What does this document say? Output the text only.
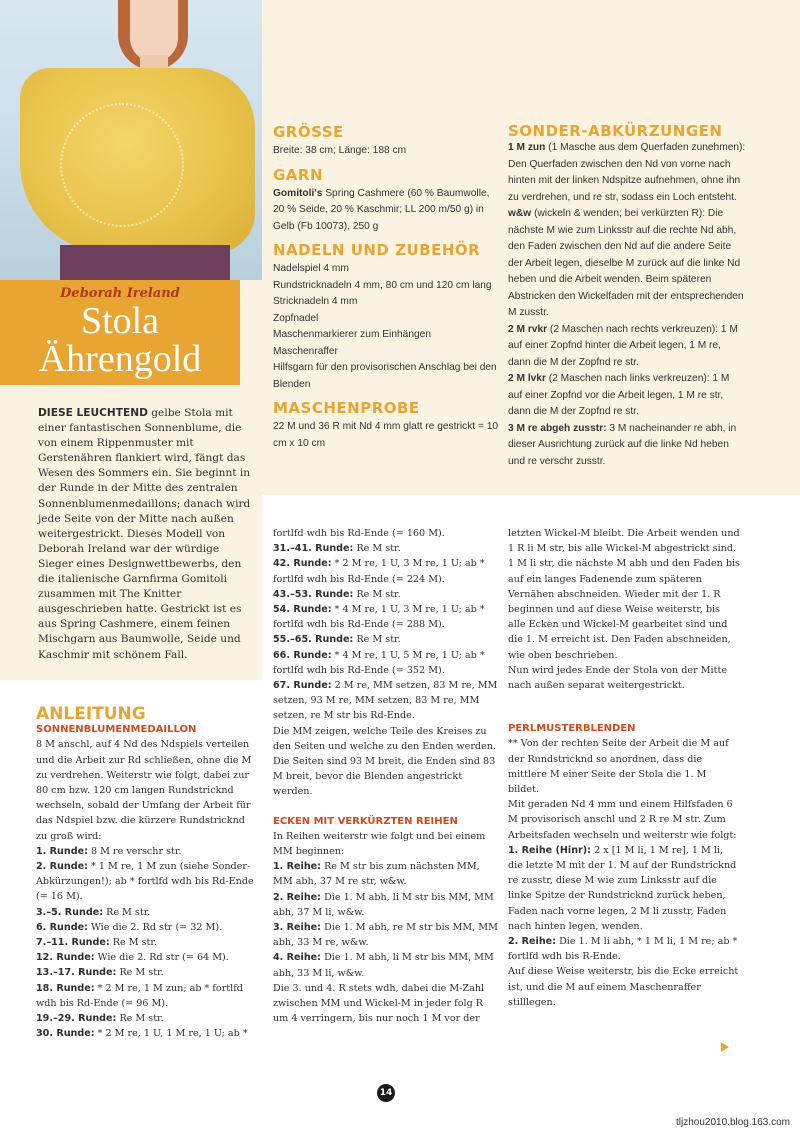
Deborah Ireland
Stola
Ährengold

DIESE LEUCHTEND gelbe Stola mit einer fantastischen Sonnenblume, die von einem Rippenmuster mit Gerstenähren flankiert wird, fängt das Wesen des Sommers ein. Sie beginnt in der Runde in der Mitte des zentralen Sonnenblumenmedaillons; danach wird jede Seite von der Mitte nach außen weitergestrickt. Dieses Modell von Deborah Ireland war der würdige Sieger eines Designwettbewerbs, den die italienische Garnfirma Gomitoli zusammen mit The Knitter ausgeschrieben hatte. Gestrickt ist es aus Spring Cashmere, einem feinen Mischgarn aus Baumwolle, Seide und Kaschmir mit schönem Fall.

GRÖSSE

Breite: 38 cm; Länge: 188 cm

GARN

Gomitoli's Spring Cashmere (60 % Baumwolle, 20 % Seide, 20 % Kaschmir; LL 200 m/50 g) in Gelb (Fb 10073), 250 g

NADELN UND ZUBEHÖR

Nadelspiel 4 mm

Rundstricknadeln 4 mm, 80 cm und 120 cm lang

Stricknadeln 4 mm

Zopfnadel

Maschenmarkierer zum Einhängen

Maschenraffer

Hilfsgarn für den provisorischen Anschlag bei den Blenden

MASCHENPROBE

22 M und 36 R mit Nd 4 mm glatt re gestrickt = 10 cm x 10 cm

SONDER-ABKÜRZUNGEN

1 M zun (1 Masche aus dem Querfaden zunehmen): Den Querfaden zwischen den Nd von vorne nach hinten mit der linken Ndspitze aufnehmen, ohne ihn zu verdrehen, und re str, sodass ein Loch entsteht.

w&w (wickeln & wenden; bei verkürzten R): Die nächste M wie zum Linksstr auf die rechte Nd abh, den Faden zwischen den Nd auf die andere Seite der Arbeit legen, dieselbe M zurück auf die linke Nd heben und die Arbeit wenden. Beim späteren Abstricken den Wickelfaden mit der entsprechenden M zusstr.

2 M rvkr (2 Maschen nach rechts verkreuzen): 1 M auf einer Zopfnd hinter die Arbeit legen, 1 M re, dann die M der Zopfnd re str.

2 M lvkr (2 Maschen nach links verkreuzen): 1 M auf einer Zopfnd vor die Arbeit legen, 1 M re str, dann die M der Zopfnd re str.

3 M re abgeh zusstr: 3 M nacheinander re abh, in dieser Ausrichtung zurück auf die linke Nd heben und re verschr zusstr.

ANLEITUNG

SONNENBLUMENMEDAILLON

8 M anschl, auf 4 Nd des Ndspiels verteilen und die Arbeit zur Rd schließen, ohne die M zu verdrehen. Weiterstr wie folgt, dabei zur 80 cm bzw. 120 cm langen Rundstricknd wechseln, sobald der Umfang der Arbeit für das Ndspiel bzw. die kürzere Rundstricknd zu groß wird:

1. Runde: 8 M re verschr str.

2. Runde: * 1 M re, 1 M zun (siehe Sonder-Abkürzungen!); ab * fortlfd wdh bis Rd-Ende (= 16 M).

3.–5. Runde: Re M str.

6. Runde: Wie die 2. Rd str (= 32 M).

7.–11. Runde: Re M str.

12. Runde: Wie die 2. Rd str (= 64 M).

13.–17. Runde: Re M str.

18. Runde: * 2 M re, 1 M zun; ab * fortlfd wdh bis Rd-Ende (= 96 M).

19.–29. Runde: Re M str.

30. Runde: * 2 M re, 1 U, 1 M re, 1 U; ab *

fortlfd wdh bis Rd-Ende (= 160 M).

31.–41. Runde: Re M str.

42. Runde: * 2 M re, 1 U, 3 M re, 1 U; ab * fortlfd wdh bis Rd-Ende (= 224 M).

43.–53. Runde: Re M str.

54. Runde: * 4 M re, 1 U, 3 M re, 1 U; ab * fortlfd wdh bis Rd-Ende (= 288 M).

55.–65. Runde: Re M str.

66. Runde: * 4 M re, 1 U, 5 M re, 1 U; ab * fortlfd wdh bis Rd-Ende (= 352 M).

67. Runde: 2 M re, MM setzen, 83 M re, MM setzen, 93 M re, MM setzen, 83 M re, MM setzen, re M str bis Rd-Ende.

Die MM zeigen, welche Teile des Kreises zu den Seiten und welche zu den Enden werden. Die Seiten sind 93 M breit, die Enden sind 83 M breit, bevor die Blenden angestrickt werden.

ECKEN MIT VERKÜRZTEN REIHEN

In Reihen weiterstr wie folgt und bei einem MM beginnen:

1. Reihe: Re M str bis zum nächsten MM, MM abh, 37 M re str, w&w.

2. Reihe: Die 1. M abh, li M str bis MM, MM abh, 37 M li, w&w.

3. Reihe: Die 1. M abh, re M str bis MM, MM abh, 33 M re, w&w.

4. Reihe: Die 1. M abh, li M str bis MM, MM abh, 33 M li, w&w.

Die 3. und 4. R stets wdh, dabei die M-Zahl zwischen MM und Wickel-M in jeder folg R um 4 verringern, bis nur noch 1 M vor der

letzten Wickel-M bleibt. Die Arbeit wenden und 1 R li M str, bis alle Wickel-M abgestrickt sind. 1 M li str, die nächste M abh und den Faden bis auf ein langes Fadenende zum späteren Vernähen abschneiden. Wieder mit der 1. R beginnen und auf diese Weise weiterstr, bis alle Ecken und Wickel-M gearbeitet sind und die 1. M erreicht ist. Den Faden abschneiden, wie oben beschrieben.

Nun wird jedes Ende der Stola von der Mitte nach außen separat weitergestrickt.

PERLMUSTERBLENDEN

** Von der rechten Seite der Arbeit die M auf der Rundstricknd so anordnen, dass die mittlere M einer Seite der Stola die 1. M bildet.

Mit geraden Nd 4 mm und einem Hilfsfaden 6 M provisorisch anschl und 2 R re M str. Zum Arbeitsfaden wechseln und weiterstr wie folgt:

1. Reihe (Hinr): 2 x [1 M li, 1 M re], 1 M li, die letzte M mit der 1. M auf der Rundstricknd re zusstr, diese M wie zum Linksstr auf die linke Spitze der Rundstricknd zurück heben, Faden nach vorne legen, 2 M li zusstr, Faden nach hinten legen, wenden.

2. Reihe: Die 1. M li abh, * 1 M li, 1 M re; ab * fortlfd wdh bis R-Ende.

Auf diese Weise weiterstr, bis die Ecke erreicht ist, und die M auf einem Maschenraffer stilllegen.

14
tljzhou2010.blog.163.com
